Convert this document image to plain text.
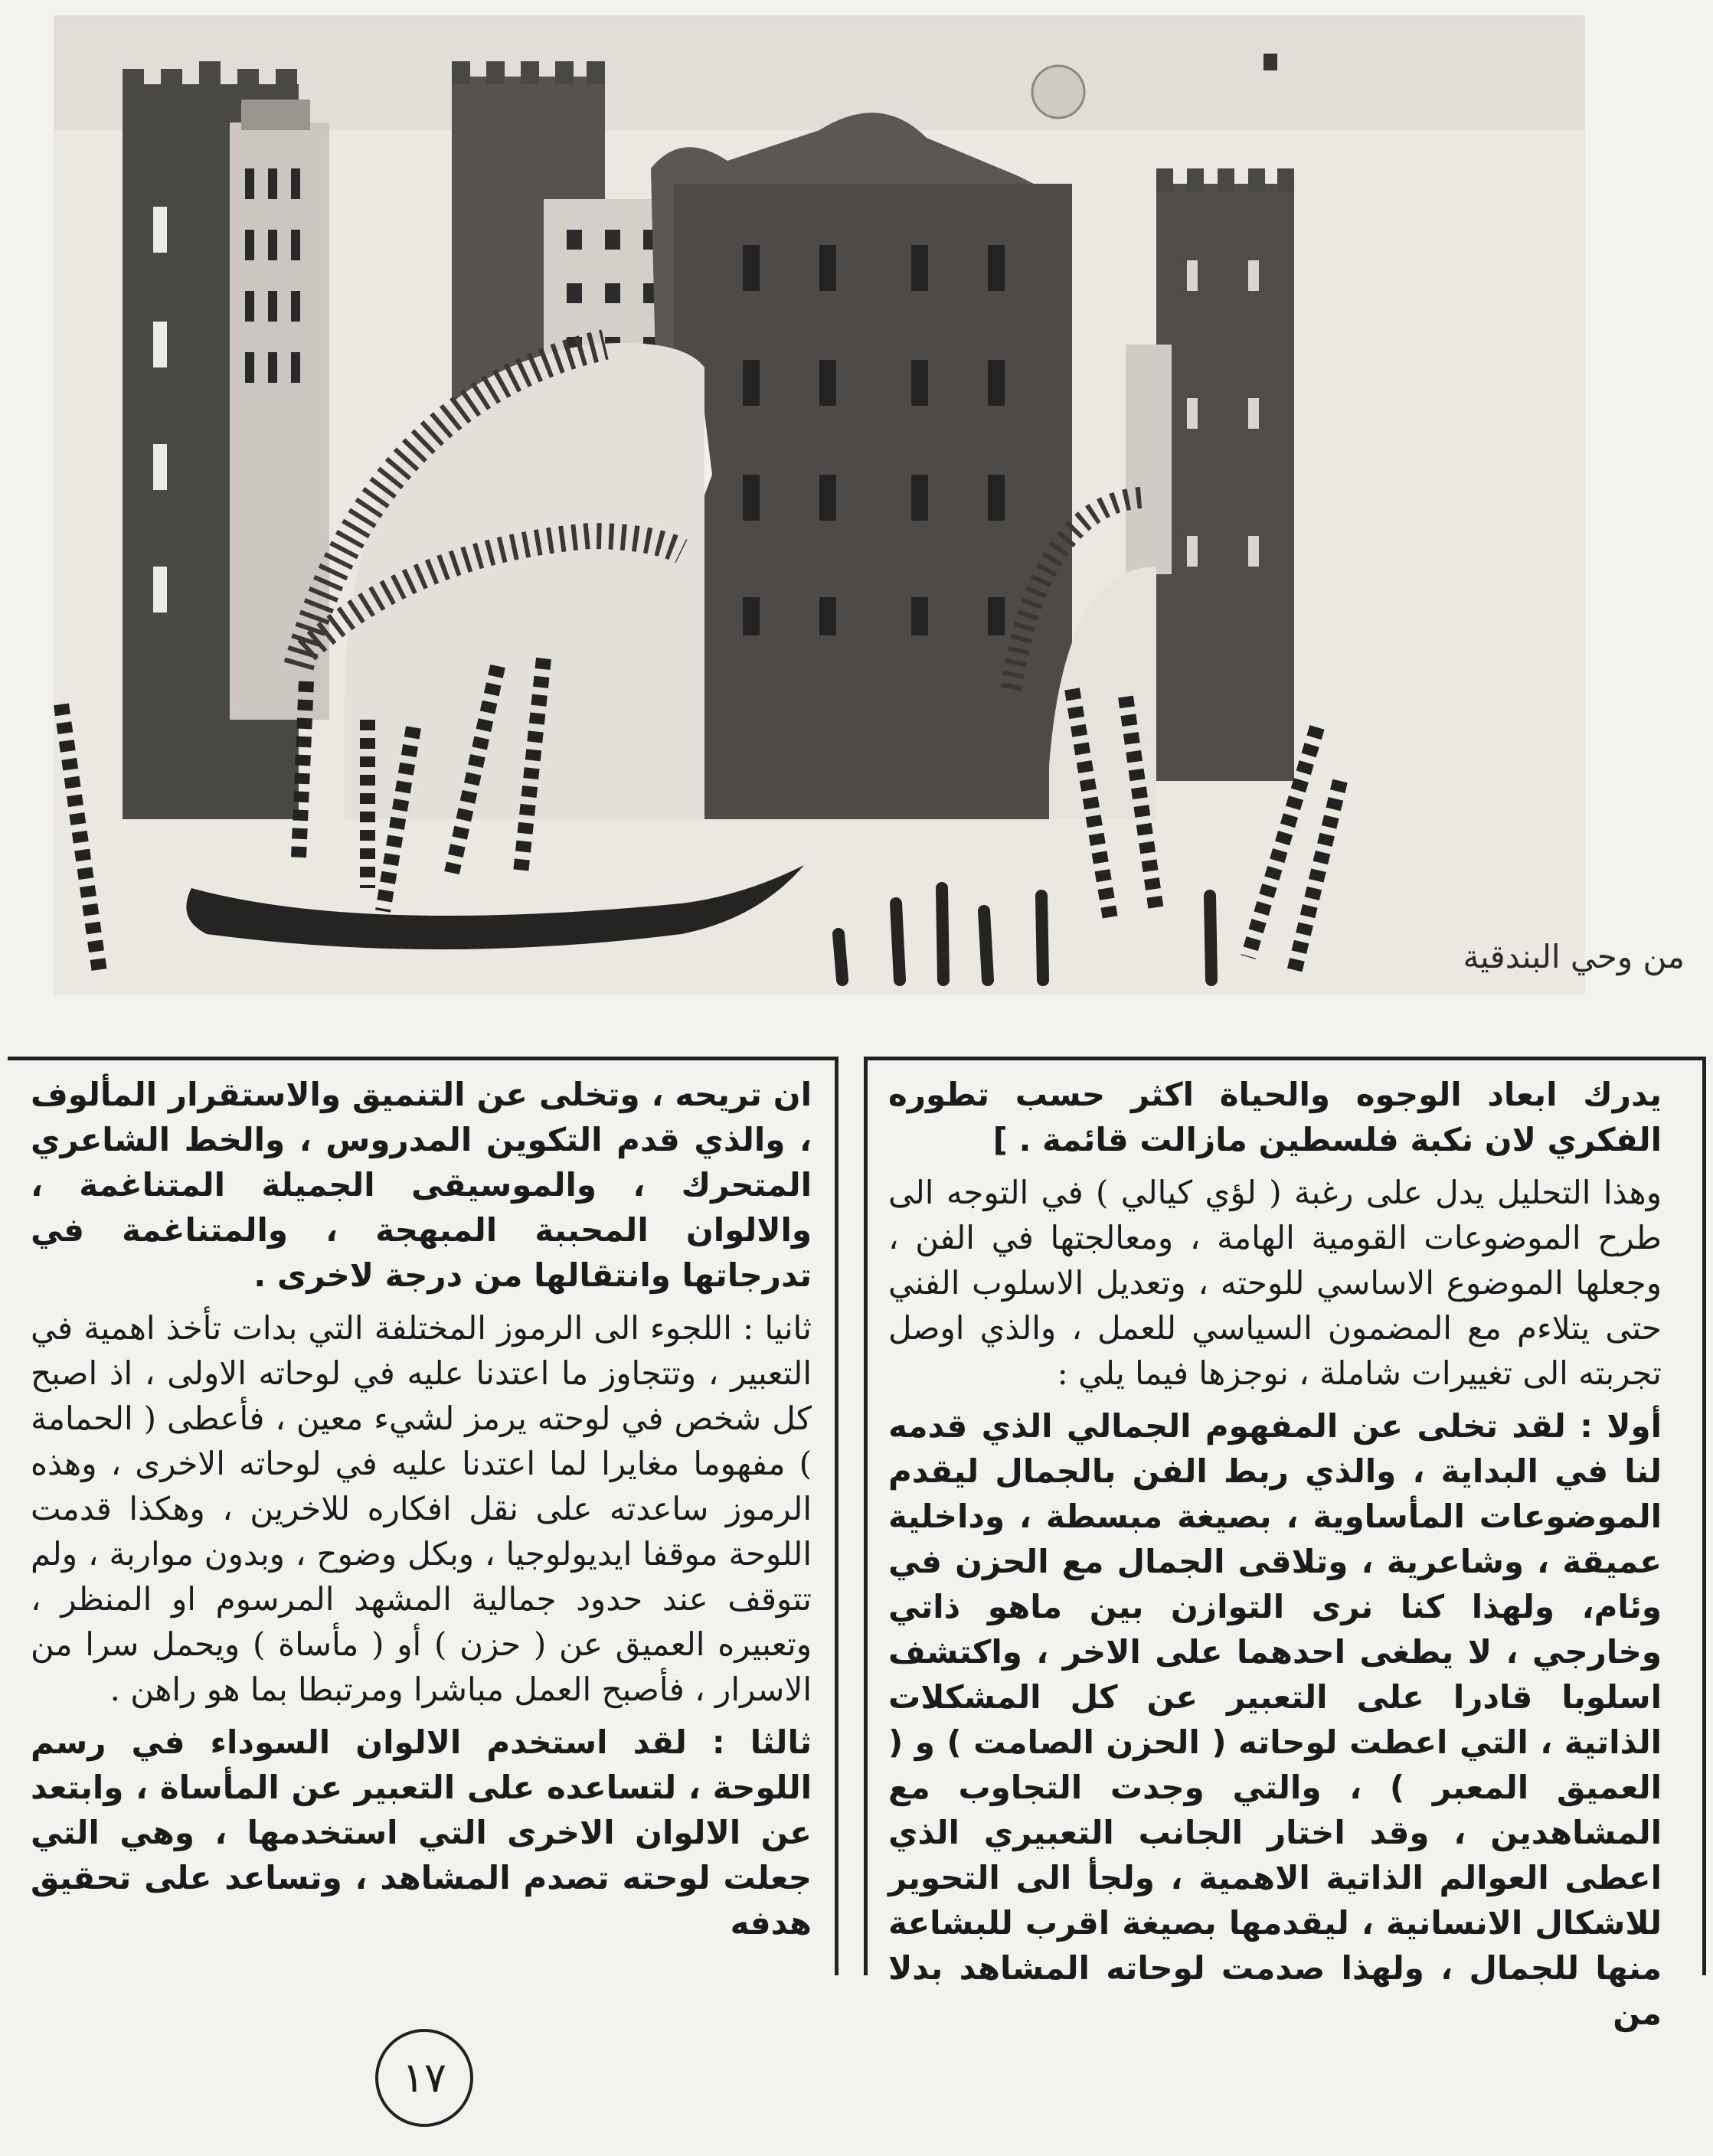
من وحي البندقية

يدرك ابعاد الوجوه والحياة اكثر حسب تطوره الفكري لان نكبة فلسطين مازالت قائمة . ]

وهذا التحليل يدل على رغبة ( لؤي كيالي ) في التوجه الى طرح الموضوعات القومية الهامة ، ومعالجتها في الفن ، وجعلها الموضوع الاساسي للوحته ، وتعديل الاسلوب الفني حتى يتلاءم مع المضمون السياسي للعمل ، والذي اوصل تجربته الى تغييرات شاملة ، نوجزها فيما يلي :

أولا : لقد تخلى عن المفهوم الجمالي الذي قدمه لنا في البداية ، والذي ربط الفن بالجمال ليقدم الموضوعات المأساوية ، بصيغة مبسطة ، وداخلية عميقة ، وشاعرية ، وتلاقى الجمال مع الحزن في وئام، ولهذا كنا نرى التوازن بين ماهو ذاتي وخارجي ، لا يطغى احدهما على الاخر ، واكتشف اسلوبا قادرا على التعبير عن كل المشكلات الذاتية ، التي اعطت لوحاته ( الحزن الصامت ) و ( العميق المعبر ) ، والتي وجدت التجاوب مع المشاهدين ، وقد اختار الجانب التعبيري الذي اعطى العوالم الذاتية الاهمية ، ولجأ الى التحوير للاشكال الانسانية ، ليقدمها بصيغة اقرب للبشاعة منها للجمال ، ولهذا صدمت لوحاته المشاهد بدلا من

ان تريحه ، وتخلى عن التنميق والاستقرار المألوف ، والذي قدم التكوين المدروس ، والخط الشاعري المتحرك ، والموسيقى الجميلة المتناغمة ، والالوان المحببة المبهجة ، والمتناغمة في تدرجاتها وانتقالها من درجة لاخرى .

ثانيا : اللجوء الى الرموز المختلفة التي بدات تأخذ اهمية في التعبير ، وتتجاوز ما اعتدنا عليه في لوحاته الاولى ، اذ اصبح كل شخص في لوحته يرمز لشيء معين ، فأعطى ( الحمامة ) مفهوما مغايرا لما اعتدنا عليه في لوحاته الاخرى ، وهذه الرموز ساعدته على نقل افكاره للاخرين ، وهكذا قدمت اللوحة موقفا ايديولوجيا ، وبكل وضوح ، وبدون مواربة ، ولم تتوقف عند حدود جمالية المشهد المرسوم او المنظر ، وتعبيره العميق عن ( حزن ) أو ( مأساة ) ويحمل سرا من الاسرار ، فأصبح العمل مباشرا ومرتبطا بما هو راهن .

ثالثا : لقد استخدم الالوان السوداء في رسم اللوحة ، لتساعده على التعبير عن المأساة ، وابتعد عن الالوان الاخرى التي استخدمها ، وهي التي جعلت لوحته تصدم المشاهد ، وتساعد على تحقيق هدفه

١٧
